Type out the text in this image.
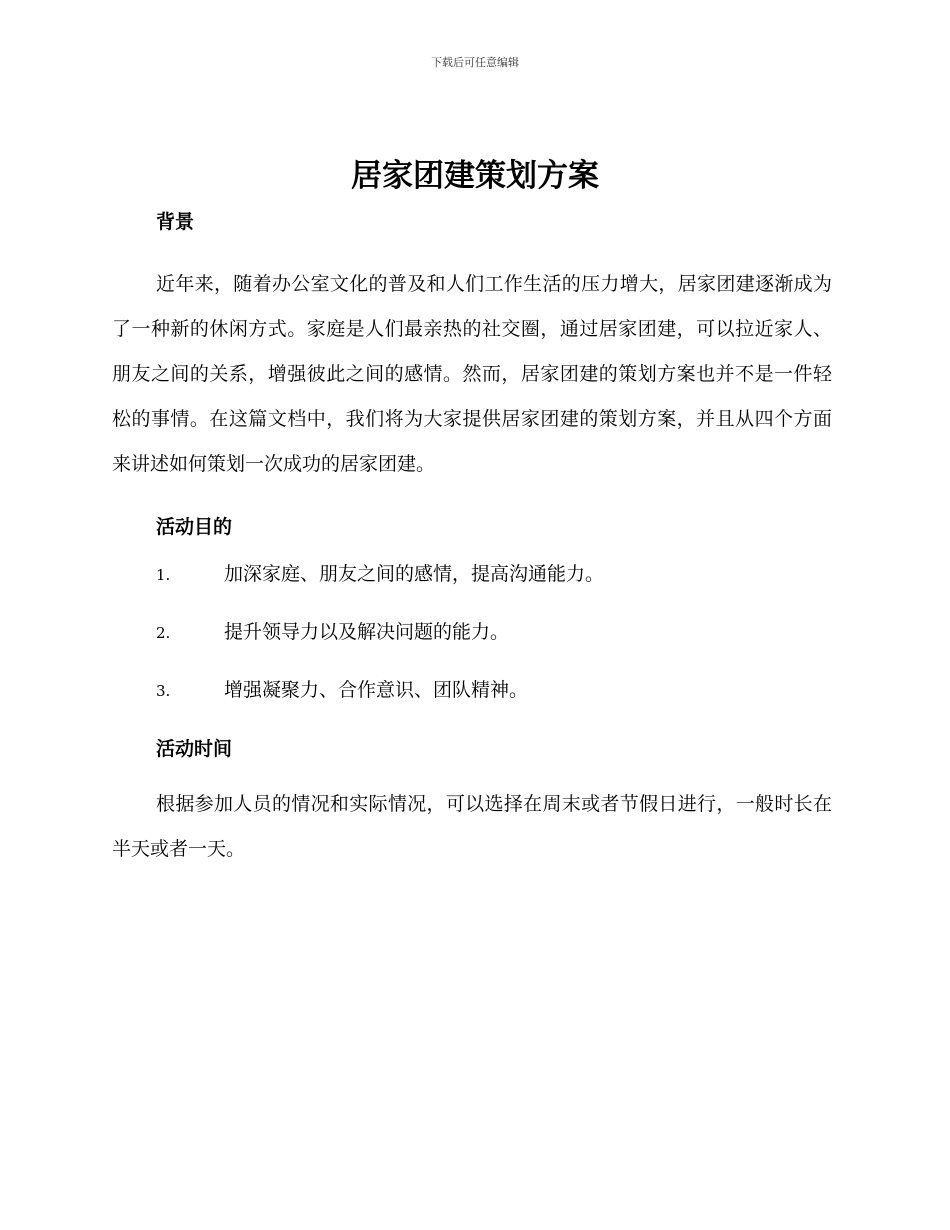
下载后可任意编辑
居家团建策划方案
背景

近年来，随着办公室文化的普及和人们工作生活的压力增大，居家团建逐渐成为了一种新的休闲方式。家庭是人们最亲热的社交圈，通过居家团建，可以拉近家人、朋友之间的关系，增强彼此之间的感情。然而，居家团建的策划方案也并不是一件轻松的事情。在这篇文档中，我们将为大家提供居家团建的策划方案，并且从四个方面来讲述如何策划一次成功的居家团建。

活动目的
1.	加深家庭、朋友之间的感情，提高沟通能力。
2.	提升领导力以及解决问题的能力。
3.	增强凝聚力、合作意识、团队精神。
活动时间

根据参加人员的情况和实际情况，可以选择在周末或者节假日进行，一般时长在半天或者一天。
